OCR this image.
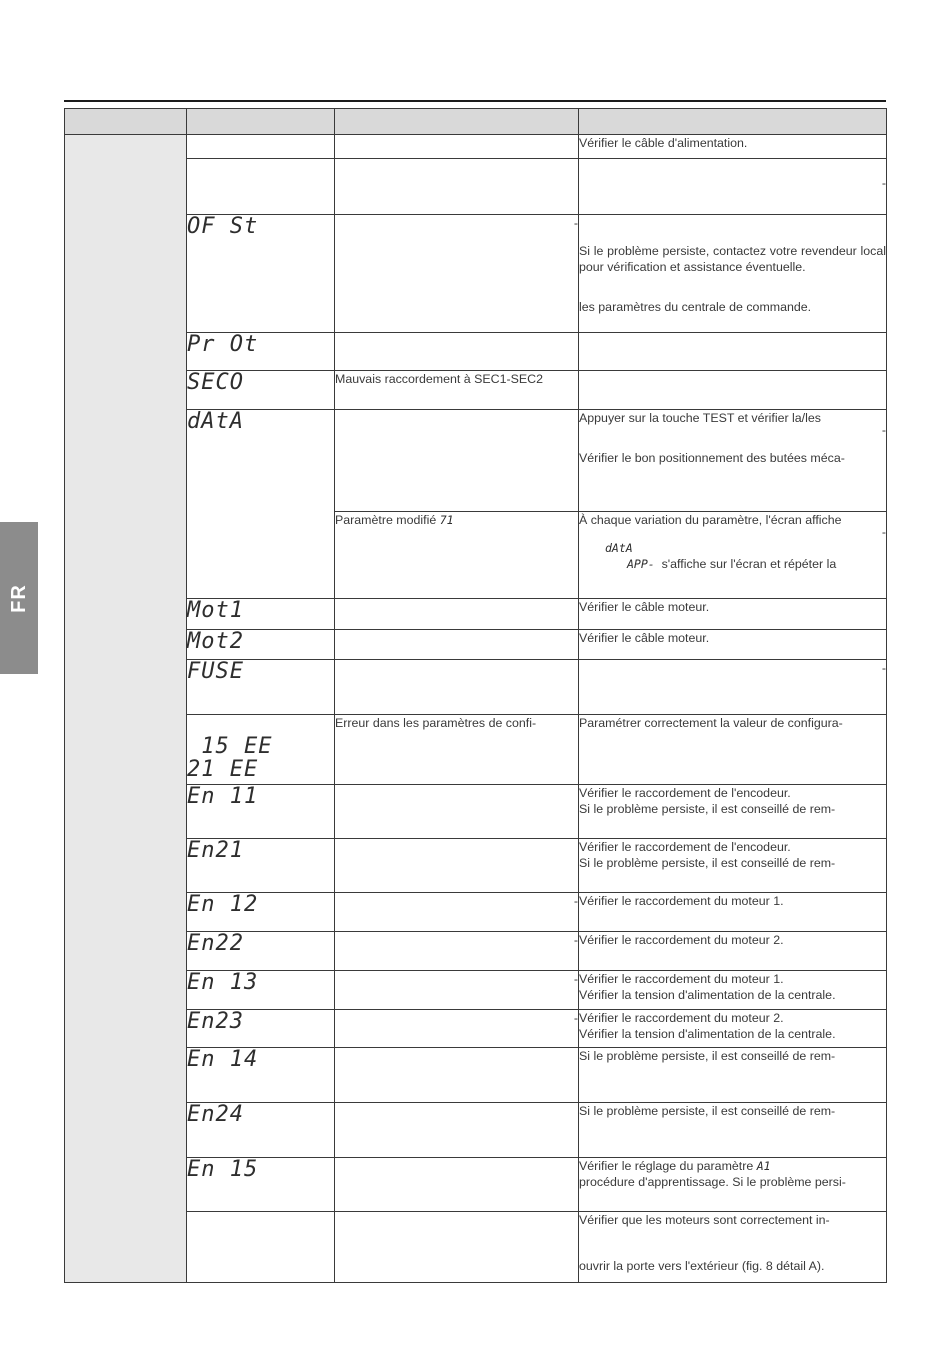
FR

			Vérifier le câble d'alimentation.

			-

	OF St	-	Si le problème persiste, contactez votre revendeur local pour vérification et assistance éventuelle.
les paramètres du centrale de commande.

	Pr Ot		

	SECO	Mauvais raccordement à SEC1-SEC2	

	dAtA		Appuyer sur la touche TEST et vérifier la/les
-
Vérifier le bon positionnement des butées méca-

		Paramètre modifié 71	À chaque variation du paramètre, l'écran affiche
-
dAtA
APP- s'affiche sur l'écran et répéter la

	Mot1		Vérifier le câble moteur.

	Mot2		Vérifier le câble moteur.

	FUSE		-

	15 EE
21 EE	Erreur dans les paramètres de confi-	Paramétrer correctement la valeur de configura-

	En 11		Vérifier le raccordement de l'encodeur.
Si le problème persiste, il est conseillé de rem-

	En21		Vérifier le raccordement de l'encodeur.
Si le problème persiste, il est conseillé de rem-

	En 12	-	Vérifier le raccordement du moteur 1.

	En22	-	Vérifier le raccordement du moteur 2.

	En 13	-	Vérifier le raccordement du moteur 1.
Vérifier la tension d'alimentation de la centrale.

	En23	-	Vérifier le raccordement du moteur 2.
Vérifier la tension d'alimentation de la centrale.

	En 14		Si le problème persiste, il est conseillé de rem-

	En24		Si le problème persiste, il est conseillé de rem-

	En 15		Vérifier le réglage du paramètre A1
procédure d'apprentissage. Si le problème persi-

			Vérifier que les moteurs sont correctement in-
ouvrir la porte vers l'extérieur (fig. 8 détail A).
